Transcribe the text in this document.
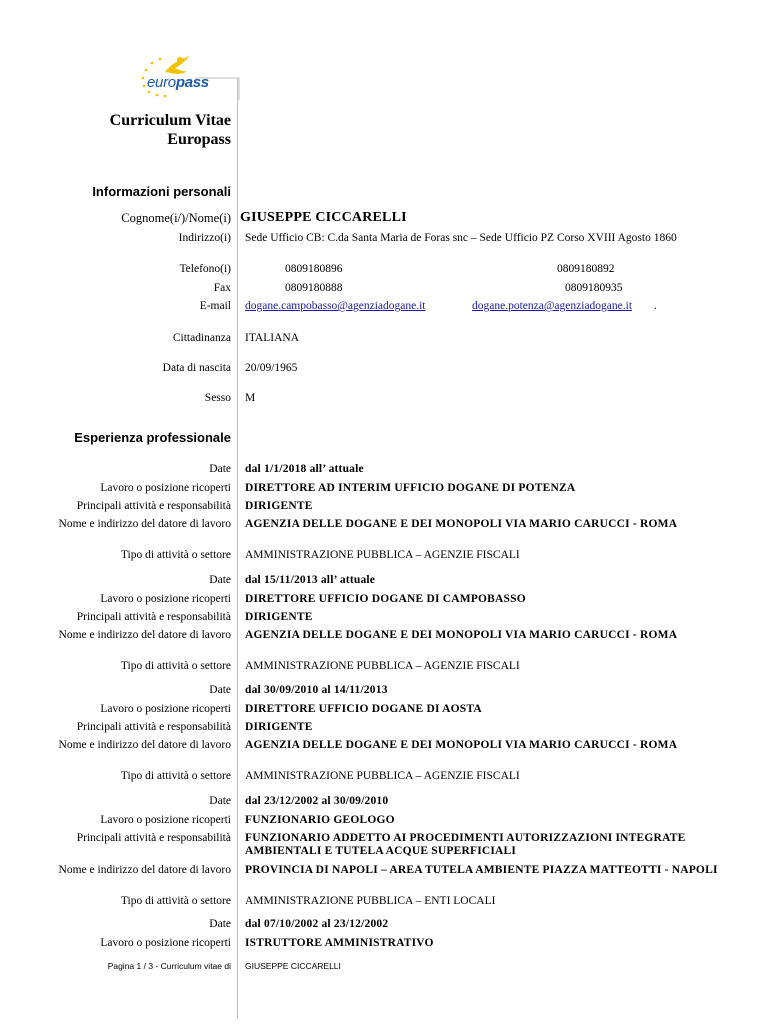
europass
Curriculum Vitae
Europass
Informazioni personali
Cognome(i/)/Nome(i) GIUSEPPE CICCARELLI
Indirizzo(i) Sede Ufficio CB: C.da Santa Maria de Foras snc – Sede Ufficio PZ Corso XVIII Agosto 1860
Telefono(i)	0809180896	0809180892
Fax	0809180888	0809180935
E-mail dogane.campobasso@agenziadogane.it	dogane.potenza@agenziadogane.it .
Cittadinanza ITALIANA
Data di nascita 20/09/1965
Sesso M
Esperienza professionale
Date dal 1/1/2018 all’ attuale
Lavoro o posizione ricoperti DIRETTORE AD INTERIM UFFICIO DOGANE DI POTENZA
Principali attività e responsabilità DIRIGENTE
Nome e indirizzo del datore di lavoro AGENZIA DELLE DOGANE E DEI MONOPOLI VIA MARIO CARUCCI - ROMA
Tipo di attività o settore AMMINISTRAZIONE PUBBLICA – AGENZIE FISCALI
Date dal 15/11/2013 all’ attuale
Lavoro o posizione ricoperti DIRETTORE UFFICIO DOGANE DI CAMPOBASSO
Principali attività e responsabilità DIRIGENTE
Nome e indirizzo del datore di lavoro AGENZIA DELLE DOGANE E DEI MONOPOLI VIA MARIO CARUCCI - ROMA
Tipo di attività o settore AMMINISTRAZIONE PUBBLICA – AGENZIE FISCALI
Date dal 30/09/2010 al 14/11/2013
Lavoro o posizione ricoperti DIRETTORE UFFICIO DOGANE DI AOSTA
Principali attività e responsabilità DIRIGENTE
Nome e indirizzo del datore di lavoro AGENZIA DELLE DOGANE E DEI MONOPOLI VIA MARIO CARUCCI - ROMA
Tipo di attività o settore AMMINISTRAZIONE PUBBLICA – AGENZIE FISCALI
Date dal 23/12/2002 al 30/09/2010
Lavoro o posizione ricoperti FUNZIONARIO GEOLOGO
Principali attività e responsabilità FUNZIONARIO ADDETTO AI PROCEDIMENTI AUTORIZZAZIONI INTEGRATE AMBIENTALI E TUTELA ACQUE SUPERFICIALI
Nome e indirizzo del datore di lavoro PROVINCIA DI NAPOLI – AREA TUTELA AMBIENTE PIAZZA MATTEOTTI - NAPOLI
Tipo di attività o settore AMMINISTRAZIONE PUBBLICA – ENTI LOCALI
Date dal 07/10/2002 al 23/12/2002
Lavoro o posizione ricoperti ISTRUTTORE AMMINISTRATIVO
Pagina 1 / 3 - Curriculum vitae di GIUSEPPE CICCARELLI
